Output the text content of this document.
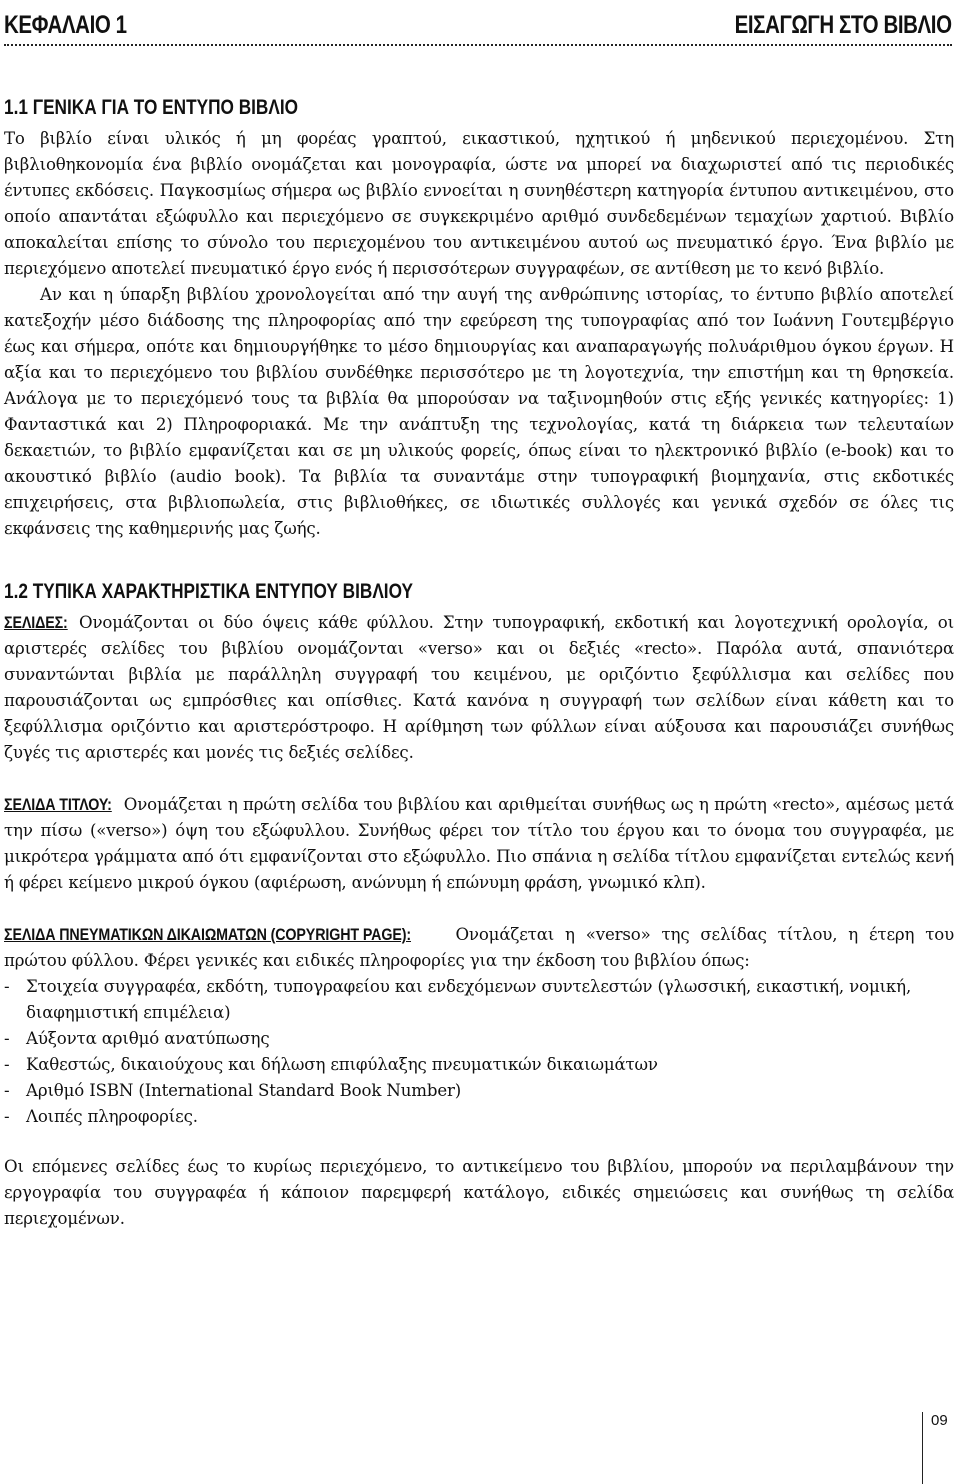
ΚΕΦΑΛΑΙΟ 1	ΕΙΣΑΓΩΓΗ ΣΤΟ ΒΙΒΛΙΟ
1.1 ΓΕΝΙΚΑ ΓΙΑ ΤΟ ΕΝΤΥΠΟ ΒΙΒΛΙΟ

Το βιβλίο είναι υλικός ή μη φορέας γραπτού, εικαστικού, ηχητικού ή μηδενικού περιεχομένου. Στη βιβλιοθηκονομία ένα βιβλίο ονομάζεται και μονογραφία, ώστε να μπορεί να διαχωριστεί από τις περιοδικές έντυπες εκδόσεις. Παγκοσμίως σήμερα ως βιβλίο εννοείται η συνηθέστερη κατηγορία έντυπου αντικειμένου, στο οποίο απαντάται εξώφυλλο και περιεχόμενο σε συγκεκριμένο αριθμό συνδεδεμένων τεμαχίων χαρτιού. Βιβλίο αποκαλείται επίσης το σύνολο του περιεχομένου του αντικειμένου αυτού ως πνευματικό έργο. Ένα βιβλίο με περιεχόμενο αποτελεί πνευματικό έργο ενός ή περισσότερων συγγραφέων, σε αντίθεση με το κενό βιβλίο.

Αν και η ύπαρξη βιβλίου χρονολογείται από την αυγή της ανθρώπινης ιστορίας, το έντυπο βιβλίο αποτελεί κατεξοχήν μέσο διάδοσης της πληροφορίας από την εφεύρεση της τυπογραφίας από τον Ιωάννη Γουτεμβέργιο έως και σήμερα, οπότε και δημιουργήθηκε το μέσο δημιουργίας και αναπαραγωγής πολυάριθμου όγκου έργων. Η αξία και το περιεχόμενο του βιβλίου συνδέθηκε περισσότερο με τη λογοτεχνία, την επιστήμη και τη θρησκεία. Ανάλογα με το περιεχόμενό τους τα βιβλία θα μπορούσαν να ταξινομηθούν στις εξής γενικές κατηγορίες: 1) Φανταστικά και 2) Πληροφοριακά. Με την ανάπτυξη της τεχνολογίας, κατά τη διάρκεια των τελευταίων δεκαετιών, το βιβλίο εμφανίζεται και σε μη υλικούς φορείς, όπως είναι το ηλεκτρονικό βιβλίο (e-book) και το ακουστικό βιβλίο (audio book). Τα βιβλία τα συναντάμε στην τυπογραφική βιομηχανία, στις εκδοτικές επιχειρήσεις, στα βιβλιοπωλεία, στις βιβλιοθήκες, σε ιδιωτικές συλλογές και γενικά σχεδόν σε όλες τις εκφάνσεις της καθημερινής μας ζωής.

1.2 ΤΥΠΙΚΑ ΧΑΡΑΚΤΗΡΙΣΤΙΚΑ ΕΝΤΥΠΟΥ ΒΙΒΛΙΟΥ

ΣΕΛΙΔΕΣ: Ονομάζονται οι δύο όψεις κάθε φύλλου. Στην τυπογραφική, εκδοτική και λογοτεχνική ορολογία, οι αριστερές σελίδες του βιβλίου ονομάζονται «verso» και οι δεξιές «recto». Παρόλα αυτά, σπανιότερα συναντώνται βιβλία με παράλληλη συγγραφή του κειμένου, με οριζόντιο ξεφύλλισμα και σελίδες που παρουσιάζονται ως εμπρόσθιες και οπίσθιες. Κατά κανόνα η συγγραφή των σελίδων είναι κάθετη και το ξεφύλλισμα οριζόντιο και αριστερόστροφο. Η αρίθμηση των φύλλων είναι αύξουσα και παρουσιάζει συνήθως ζυγές τις αριστερές και μονές τις δεξιές σελίδες.

ΣΕΛΙΔΑ ΤΙΤΛΟΥ: Ονομάζεται η πρώτη σελίδα του βιβλίου και αριθμείται συνήθως ως η πρώτη «recto», αμέσως μετά την πίσω («verso») όψη του εξώφυλλου. Συνήθως φέρει τον τίτλο του έργου και το όνομα του συγγραφέα, με μικρότερα γράμματα από ότι εμφανίζονται στο εξώφυλλο. Πιο σπάνια η σελίδα τίτλου εμφανίζεται εντελώς κενή ή φέρει κείμενο μικρού όγκου (αφιέρωση, ανώνυμη ή επώνυμη φράση, γνωμικό κλπ).

ΣΕΛΙΔΑ ΠΝΕΥΜΑΤΙΚΩΝ ΔΙΚΑΙΩΜΑΤΩΝ (COPYRIGHT PAGE):	Ονομάζεται η «verso» της σελίδας τίτλου, η έτερη του πρώτου φύλλου. Φέρει γενικές και ειδικές πληροφορίες για την έκδοση του βιβλίου όπως:

- Στοιχεία συγγραφέα, εκδότη, τυπογραφείου και ενδεχόμενων συντελεστών (γλωσσική, εικαστική, νομική, διαφημιστική επιμέλεια)
- Αύξοντα αριθμό ανατύπωσης
- Καθεστώς, δικαιούχους και δήλωση επιφύλαξης πνευματικών δικαιωμάτων
- Αριθμό ISBN (International Standard Book Number)
- Λοιπές πληροφορίες.

Οι επόμενες σελίδες έως το κυρίως περιεχόμενο, το αντικείμενο του βιβλίου, μπορούν να περιλαμβάνουν την εργογραφία του συγγραφέα ή κάποιον παρεμφερή κατάλογο, ειδικές σημειώσεις και συνήθως τη σελίδα περιεχομένων.

09
